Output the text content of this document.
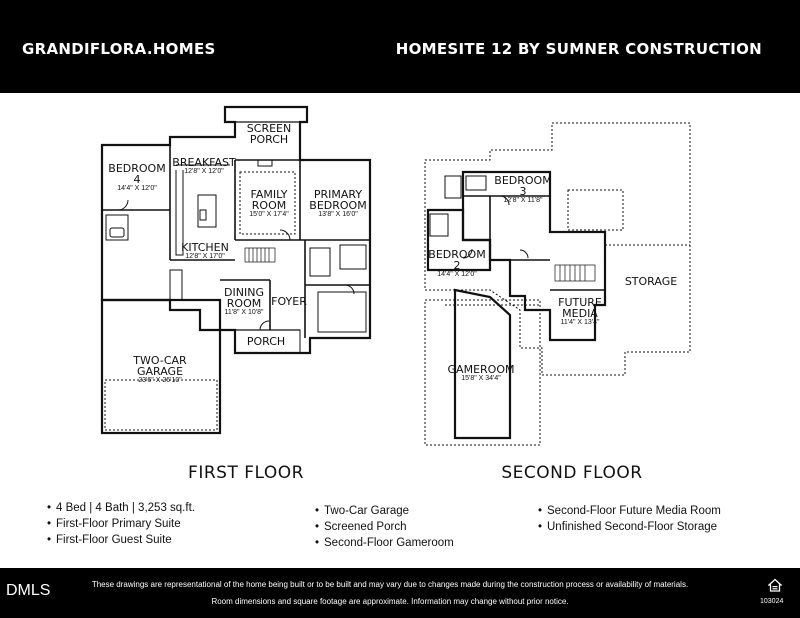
GRANDIFLORA.HOMES	HOMESITE 12 BY SUMNER CONSTRUCTION
SCREEN
PORCH
BREAKFAST
12'8" X 12'0"
BEDROOM
4
14'4" X 12'0"	FAMILY
ROOM
15'0" X 17'4"
PRIMARY
BEDROOM
13'8" X 16'0"
KITCHEN
12'8" X 17'0"
DINING
ROOM
11'8" X 10'8"
FOYER
PORCH
TWO-CAR
GARAGE
23'6" X 26'10"
BEDROOM
3
12'8" X 11'8"
BEDROOM
2
14'4" X 12'0"
STORAGE
FUTURE
MEDIA
11'4" X 13'4"
GAMEROOM
15'8" X 34'4"
FIRST FLOOR	SECOND FLOOR
• 4 Bed | 4 Bath | 3,253 sq.ft.
• First-Floor Primary Suite
• First-Floor Guest Suite
• Two-Car Garage
• Screened Porch
• Second-Floor Gameroom
• Second-Floor Future Media Room
• Unfinished Second-Floor Storage
DMLS	These drawings are representational of the home being built or to be built and may vary due to changes made during the construction process or availability of materials.
Room dimensions and square footage are approximate. Information may change without prior notice.	103024
